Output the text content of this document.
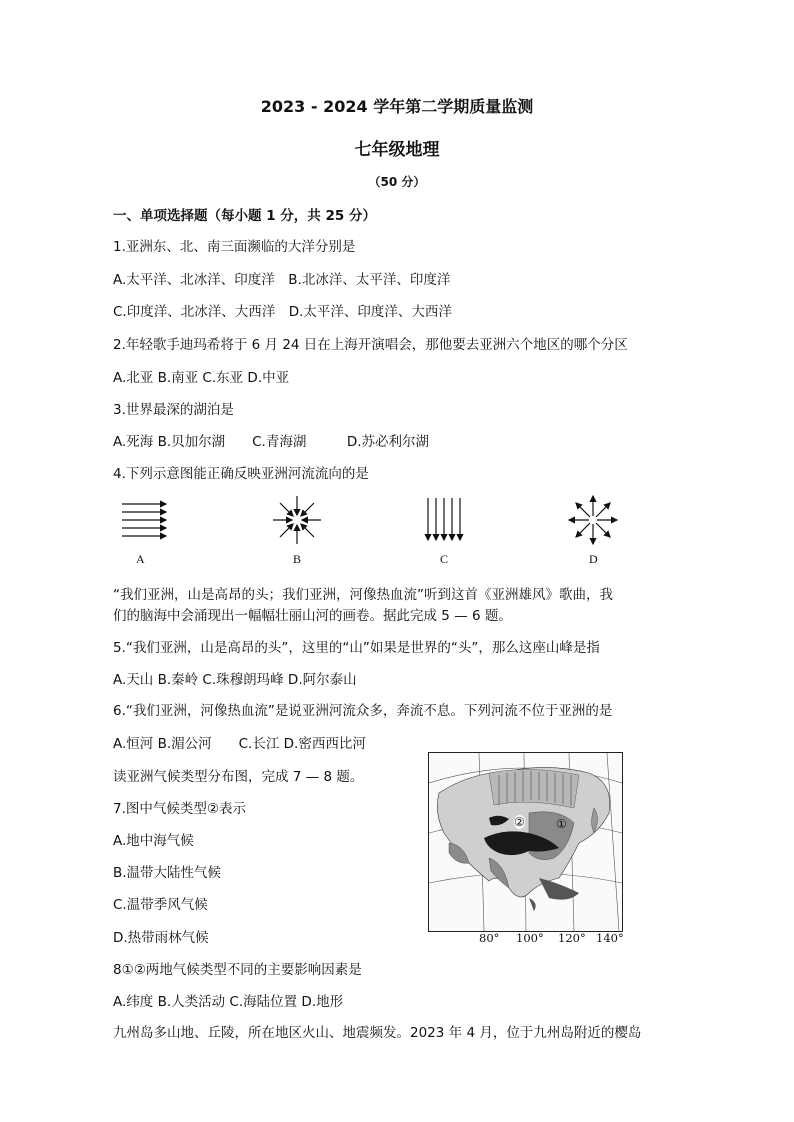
2023 - 2024 学年第二学期质量监测
七年级地理
（50 分）
一、单项选择题（每小题 1 分，共 25 分）
1.亚洲东、北、南三面濒临的大洋分别是
A.太平洋、北冰洋、印度洋　B.北冰洋、太平洋、印度洋
C.印度洋、北冰洋、大西洋　D.太平洋、印度洋、大西洋
2.年轻歌手迪玛希将于 6 月 24 日在上海开演唱会，那他要去亚洲六个地区的哪个分区
A.北亚 B.南亚 C.东亚 D.中亚
3.世界最深的湖泊是
A.死海 B.贝加尔湖　　C.青海湖　　　D.苏必利尔湖
4.下列示意图能正确反映亚洲河流流向的是
A	B	C	D
“我们亚洲，山是高昂的头；我们亚洲，河像热血流”听到这首《亚洲雄风》歌曲，我
们的脑海中会涌现出一幅幅壮丽山河的画卷。据此完成 5 — 6 题。
5.“我们亚洲，山是高昂的头”，这里的“山”如果是世界的“头”，那么这座山峰是指
A.天山 B.秦岭 C.珠穆朗玛峰 D.阿尔泰山
6.“我们亚洲，河像热血流”是说亚洲河流众多，奔流不息。下列河流不位于亚洲的是
A.恒河 B.湄公河　　C.长江 D.密西西比河
读亚洲气候类型分布图，完成 7 — 8 题。
7.图中气候类型②表示
A.地中海气候
B.温带大陆性气候
C.温带季风气候
D.热带雨林气候
②	①
80° 100° 120° 140°
8①②两地气候类型不同的主要影响因素是
A.纬度 B.人类活动 C.海陆位置 D.地形
九州岛多山地、丘陵，所在地区火山、地震频发。2023 年 4 月，位于九州岛附近的樱岛
